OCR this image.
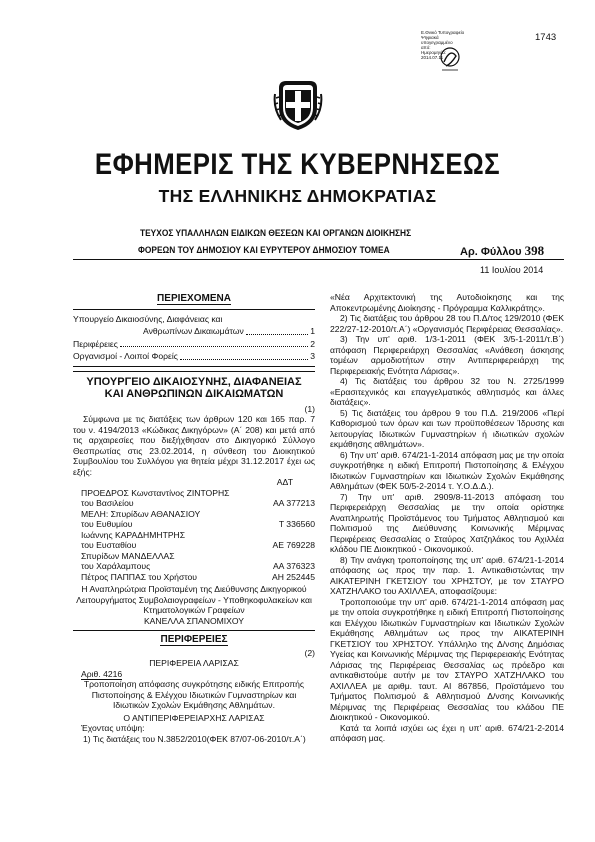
Ε.Θνικό Τυπογραφείο
Ψηφιακά
υπογεγραμμένο
από:
Ημερομηνία:
2014.07.11
1743
ΕΦΗΜΕΡΙΣ ΤΗΣ ΚΥΒΕΡΝΗΣΕΩΣ
ΤΗΣ ΕΛΛΗΝΙΚΗΣ ΔΗΜΟΚΡΑΤΙΑΣ
ΤΕΥΧΟΣ ΥΠΑΛΛΗΛΩΝ ΕΙΔΙΚΩΝ ΘΕΣΕΩΝ ΚΑΙ ΟΡΓΑΝΩΝ ΔΙΟΙΚΗΣΗΣ
ΦΟΡΕΩΝ ΤΟΥ ΔΗΜΟΣΙΟΥ ΚΑΙ ΕΥΡΥΤΕΡΟΥ ΔΗΜΟΣΙΟΥ ΤΟΜΕΑ	Αρ. Φύλλου 398
11 Ιουλίου 2014
ΠΕΡΙΕΧΟΜΕΝΑ
Υπουργείο Δικαιοσύνης, Διαφάνειας και
Ανθρωπίνων Δικαιωμάτων	1
Περιφέρειες	2
Οργανισμοί - Λοιποί Φορείς	3
ΥΠΟΥΡΓΕΙΟ ΔΙΚΑΙΟΣΥΝΗΣ, ΔΙΑΦΑΝΕΙΑΣ
ΚΑΙ ΑΝΘΡΩΠΙΝΩΝ ΔΙΚΑΙΩΜΑΤΩΝ
(1)

Σύμφωνα με τις διατάξεις των άρθρων 120 και 165 παρ. 7 του ν. 4194/2013 «Κώδικας Δικηγόρων» (Α΄ 208) και μετά από τις αρχαιρεσίες που διεξήχθησαν στο Δικηγορικό Σύλλογο Θεσπρωτίας στις 23.02.2014, η σύνθεση του Διοικητικού Συμβουλίου του Συλλόγου για θητεία μέχρι 31.12.2017 έχει ως εξής:

ΑΔΤ
ΠΡΟΕΔΡΟΣ Κωνσταντίνος ΖΙΝΤΟΡΗΣ
του Βασιλείου	ΑΑ 377213
ΜΕΛΗ: Σπυρίδων ΑΘΑΝΑΣΙΟΥ
του Ευθυμίου	Τ 336560
Ιωάννης ΚΑΡΑΔΗΜΗΤΡΗΣ
του Ευσταθίου	ΑΕ 769228
Σπυρίδων ΜΑΝΔΕΛΛΑΣ
του Χαράλαμπους	ΑΑ 376323
Πέτρος ΠΑΠΠΑΣ του Χρήστου	ΑΗ 252445
Η Αναπληρώτρια Προϊσταμένη της Διεύθυνσης Δικηγορικού Λειτουργήματος Συμβολαιογραφείων - Υποθηκοφυλακείων και Κτηματολογικών Γραφείων
ΚΑΝΕΛΛΑ ΣΠΑΝΟΜΙΧΟΥ
ΠΕΡΙΦΕΡΕΙΕΣ
(2)
ΠΕΡΙΦΕΡΕΙΑ ΛΑΡΙΣΑΣ
Αριθ. 4216
Τροποποίηση απόφασης συγκρότησης ειδικής Επιτροπής Πιστοποίησης & Ελέγχου Ιδιωτικών Γυμναστηρίων και Ιδιωτικών Σχολών Εκμάθησης Αθλημάτων.
Ο ΑΝΤΙΠΕΡΙΦΕΡΕΙΑΡΧΗΣ ΛΑΡΙΣΑΣ
Έχοντας υπόψη:

1) Τις διατάξεις του Ν.3852/2010(ΦΕΚ 87/07-06-2010/τ.Α΄)

«Νέα Αρχιτεκτονική της Αυτοδιοίκησης και της Αποκεντρωμένης Διοίκησης - Πρόγραμμα Καλλικράτης».

2) Τις διατάξεις του άρθρου 28 του Π.Δ/τος 129/2010 (ΦΕΚ 222/27-12-2010/τ.Α΄) «Οργανισμός Περιφέρειας Θεσσαλίας».

3) Την υπ' αριθ. 1/3-1-2011 (ΦΕΚ 3/5-1-2011/τ.Β΄) απόφαση Περιφερειάρχη Θεσσαλίας «Ανάθεση άσκησης τομέων αρμοδιοτήτων στην Αντιπεριφερειάρχη της Περιφερειακής Ενότητα Λάρισας».

4) Τις διατάξεις του άρθρου 32 του Ν. 2725/1999 «Ερασιτεχνικός και επαγγελματικός αθλητισμός και άλλες διατάξεις».

5) Τις διατάξεις του άρθρου 9 του Π.Δ. 219/2006 «Περί Καθορισμού των όρων και των προϋποθέσεων Ίδρυσης και λειτουργίας Ιδιωτικών Γυμναστηρίων ή ιδιωτικών σχολών εκμάθησης αθλημάτων».

6) Την υπ' αριθ. 674/21-1-2014 απόφαση μας με την οποία συγκροτήθηκε η ειδική Επιτροπή Πιστοποίησης & Ελέγχου Ιδιωτικών Γυμναστηρίων και Ιδιωτικών Σχολών Εκμάθησης Αθλημάτων (ΦΕΚ 50/5-2-2014 τ. Υ.Ο.Δ.Δ.).

7) Την υπ' αριθ. 2909/8-11-2013 απόφαση του Περιφερειάρχη Θεσσαλίας με την οποία ορίστηκε Αναπληρωτής Προϊστάμενος του Τμήματος Αθλητισμού και Πολιτισμού της Διεύθυνσης Κοινωνικής Μέριμνας Περιφέρειας Θεσσαλίας ο Σταύρος Χατζηλάκος του Αχιλλέα κλάδου ΠΕ Διοικητικού - Οικονομικού.

8) Την ανάγκη τροποποίησης της υπ' αριθ. 674/21-1-2014 απόφασης ως προς την παρ. 1. Αντικαθιστώντας την ΑΙΚΑΤΕΡΙΝΗ ΓΚΕΤΣΙΟΥ του ΧΡΗΣΤΟΥ, με τον ΣΤΑΥΡΟ ΧΑΤΖΗΛΑΚΟ του ΑΧΙΛΛΕΑ, αποφασίζουμε:

Τροποποιούμε την υπ' αριθ. 674/21-1-2014 απόφαση μας με την οποία συγκροτήθηκε η ειδική Επιτροπή Πιστοποίησης και Ελέγχου Ιδιωτικών Γυμναστηρίων και Ιδιωτικών Σχολών Εκμάθησης Αθλημάτων ως προς την ΑΙΚΑΤΕΡΙΝΗ ΓΚΕΤΣΙΟΥ του ΧΡΗΣΤΟΥ. Υπάλληλο της Δ/νσης Δημόσιας Υγείας και Κοινωνικής Μέριμνας της Περιφερειακής Ενότητας Λάρισας της Περιφέρειας Θεσσαλίας ως πρόεδρο και αντικαθιστούμε αυτήν με τον ΣΤΑΥΡΟ ΧΑΤΖΗΛΑΚΟ του ΑΧΙΛΛΕΑ με αριθμ. ταυτ. ΑΙ 867856, Προϊστάμενο του Τμήματος Πολιτισμού & Αθλητισμού Δ/νσης Κοινωνικής Μέριμνας της Περιφέρειας Θεσσαλίας του κλάδου ΠΕ Διοικητικού - Οικονομικού.

Κατά τα λοιπά ισχύει ως έχει η υπ' αριθ. 674/21-2-2014 απόφαση μας.
